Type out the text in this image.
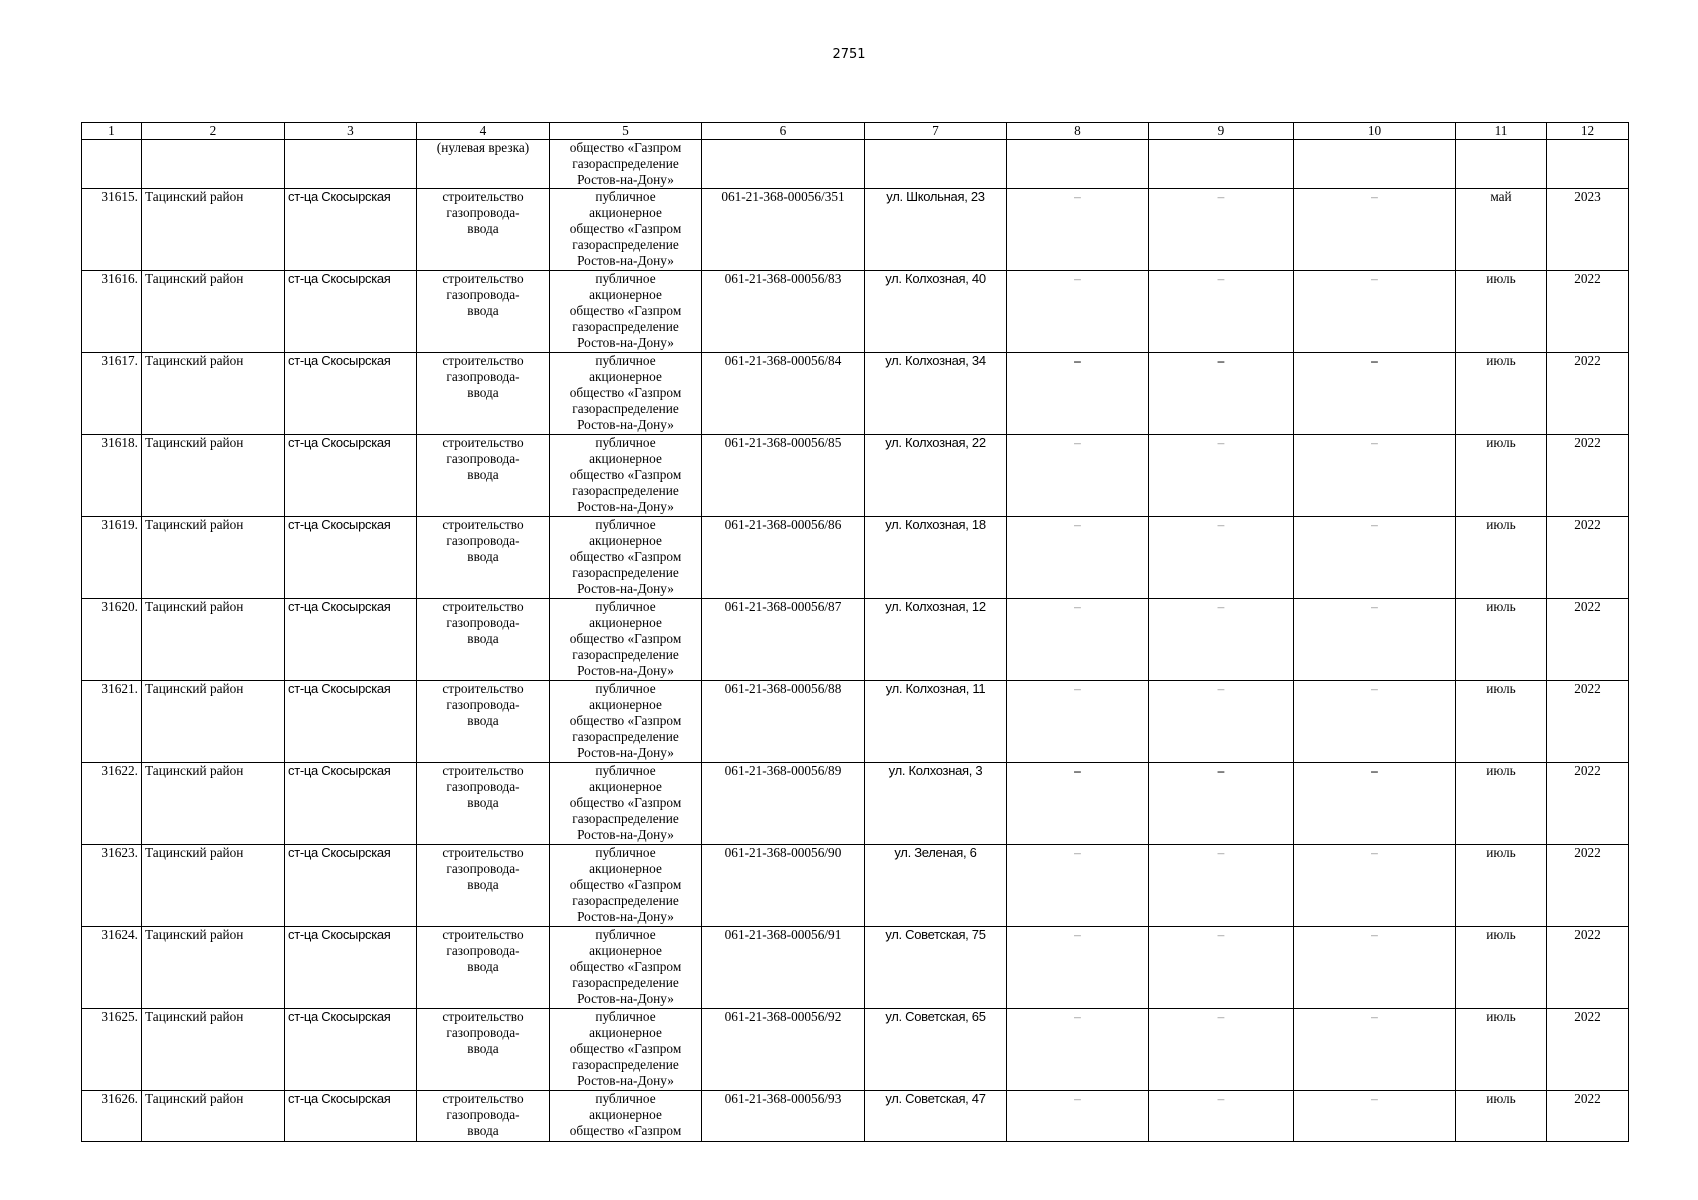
2751
1	2	3	4	5	6	7	8	9	10	11	12
			(нулевая врезка)	общество «Газпром
газораспределение
Ростов-на-Дону»							

31615.	Тацинский район	ст-ца Скосырская	строительство
газопровода-
ввода	публичное
акционерное
общество «Газпром
газораспределение
Ростов-на-Дону»	061-21-368-00056/351	ул. Школьная, 23	–	–	–	май	2023
31616.	Тацинский район	ст-ца Скосырская	строительство
газопровода-
ввода	публичное
акционерное
общество «Газпром
газораспределение
Ростов-на-Дону»	061-21-368-00056/83	ул. Колхозная, 40	–	–	–	июль	2022
31617.	Тацинский район	ст-ца Скосырская	строительство
газопровода-
ввода	публичное
акционерное
общество «Газпром
газораспределение
Ростов-на-Дону»	061-21-368-00056/84	ул. Колхозная, 34	–	–	–	июль	2022
31618.	Тацинский район	ст-ца Скосырская	строительство
газопровода-
ввода	публичное
акционерное
общество «Газпром
газораспределение
Ростов-на-Дону»	061-21-368-00056/85	ул. Колхозная, 22	–	–	–	июль	2022
31619.	Тацинский район	ст-ца Скосырская	строительство
газопровода-
ввода	публичное
акционерное
общество «Газпром
газораспределение
Ростов-на-Дону»	061-21-368-00056/86	ул. Колхозная, 18	–	–	–	июль	2022
31620.	Тацинский район	ст-ца Скосырская	строительство
газопровода-
ввода	публичное
акционерное
общество «Газпром
газораспределение
Ростов-на-Дону»	061-21-368-00056/87	ул. Колхозная, 12	–	–	–	июль	2022
31621.	Тацинский район	ст-ца Скосырская	строительство
газопровода-
ввода	публичное
акционерное
общество «Газпром
газораспределение
Ростов-на-Дону»	061-21-368-00056/88	ул. Колхозная, 11	–	–	–	июль	2022
31622.	Тацинский район	ст-ца Скосырская	строительство
газопровода-
ввода	публичное
акционерное
общество «Газпром
газораспределение
Ростов-на-Дону»	061-21-368-00056/89	ул. Колхозная, 3	–	–	–	июль	2022
31623.	Тацинский район	ст-ца Скосырская	строительство
газопровода-
ввода	публичное
акционерное
общество «Газпром
газораспределение
Ростов-на-Дону»	061-21-368-00056/90	ул. Зеленая, 6	–	–	–	июль	2022
31624.	Тацинский район	ст-ца Скосырская	строительство
газопровода-
ввода	публичное
акционерное
общество «Газпром
газораспределение
Ростов-на-Дону»	061-21-368-00056/91	ул. Советская, 75	–	–	–	июль	2022
31625.	Тацинский район	ст-ца Скосырская	строительство
газопровода-
ввода	публичное
акционерное
общество «Газпром
газораспределение
Ростов-на-Дону»	061-21-368-00056/92	ул. Советская, 65	–	–	–	июль	2022
31626.	Тацинский район	ст-ца Скосырская	строительство
газопровода-
ввода	публичное
акционерное
общество «Газпром	061-21-368-00056/93	ул. Советская, 47	–	–	–	июль	2022
